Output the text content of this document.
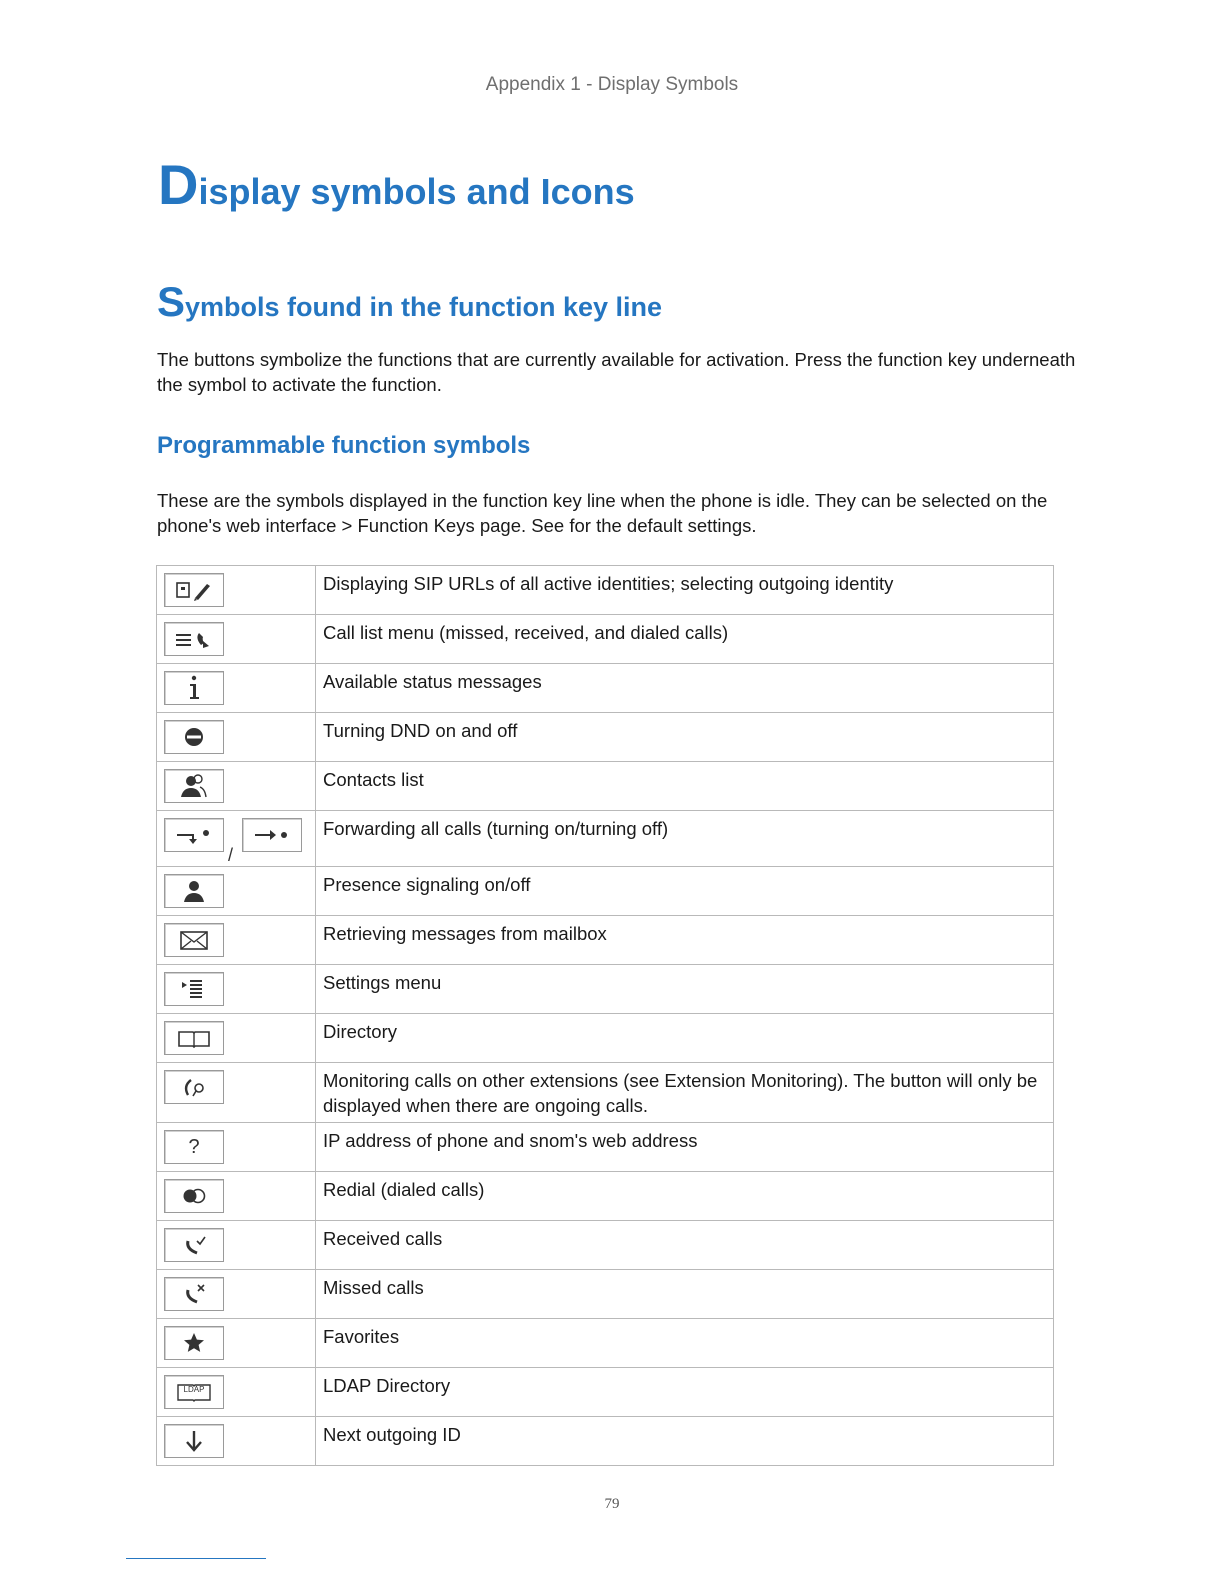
Appendix 1 - Display Symbols
Display symbols and Icons
Symbols found in the function key line

The buttons symbolize the functions that are currently available for activation. Press the function key underneath the symbol to activate the function.

Programmable function symbols

These are the symbols displayed in the function key line when the phone is idle. They can be selected on the phone's web interface > Function Keys page. See for the default settings.

	Displaying SIP URLs of all active identities; selecting outgoing identity

	Call list menu (missed, received, and dialed calls)

	Available status messages

	Turning DND on and off

	Contacts list

/	Forwarding all calls (turning on/turning off)

	Presence signaling on/off

	Retrieving messages from mailbox

	Settings menu

	Directory

	Monitoring calls on other extensions (see Extension Monitoring). The button will only be displayed when there are ongoing calls.

?	IP address of phone and snom's web address

	Redial (dialed calls)

	Received calls

	Missed calls

	Favorites

LDAP	LDAP Directory

	Next outgoing ID
79
